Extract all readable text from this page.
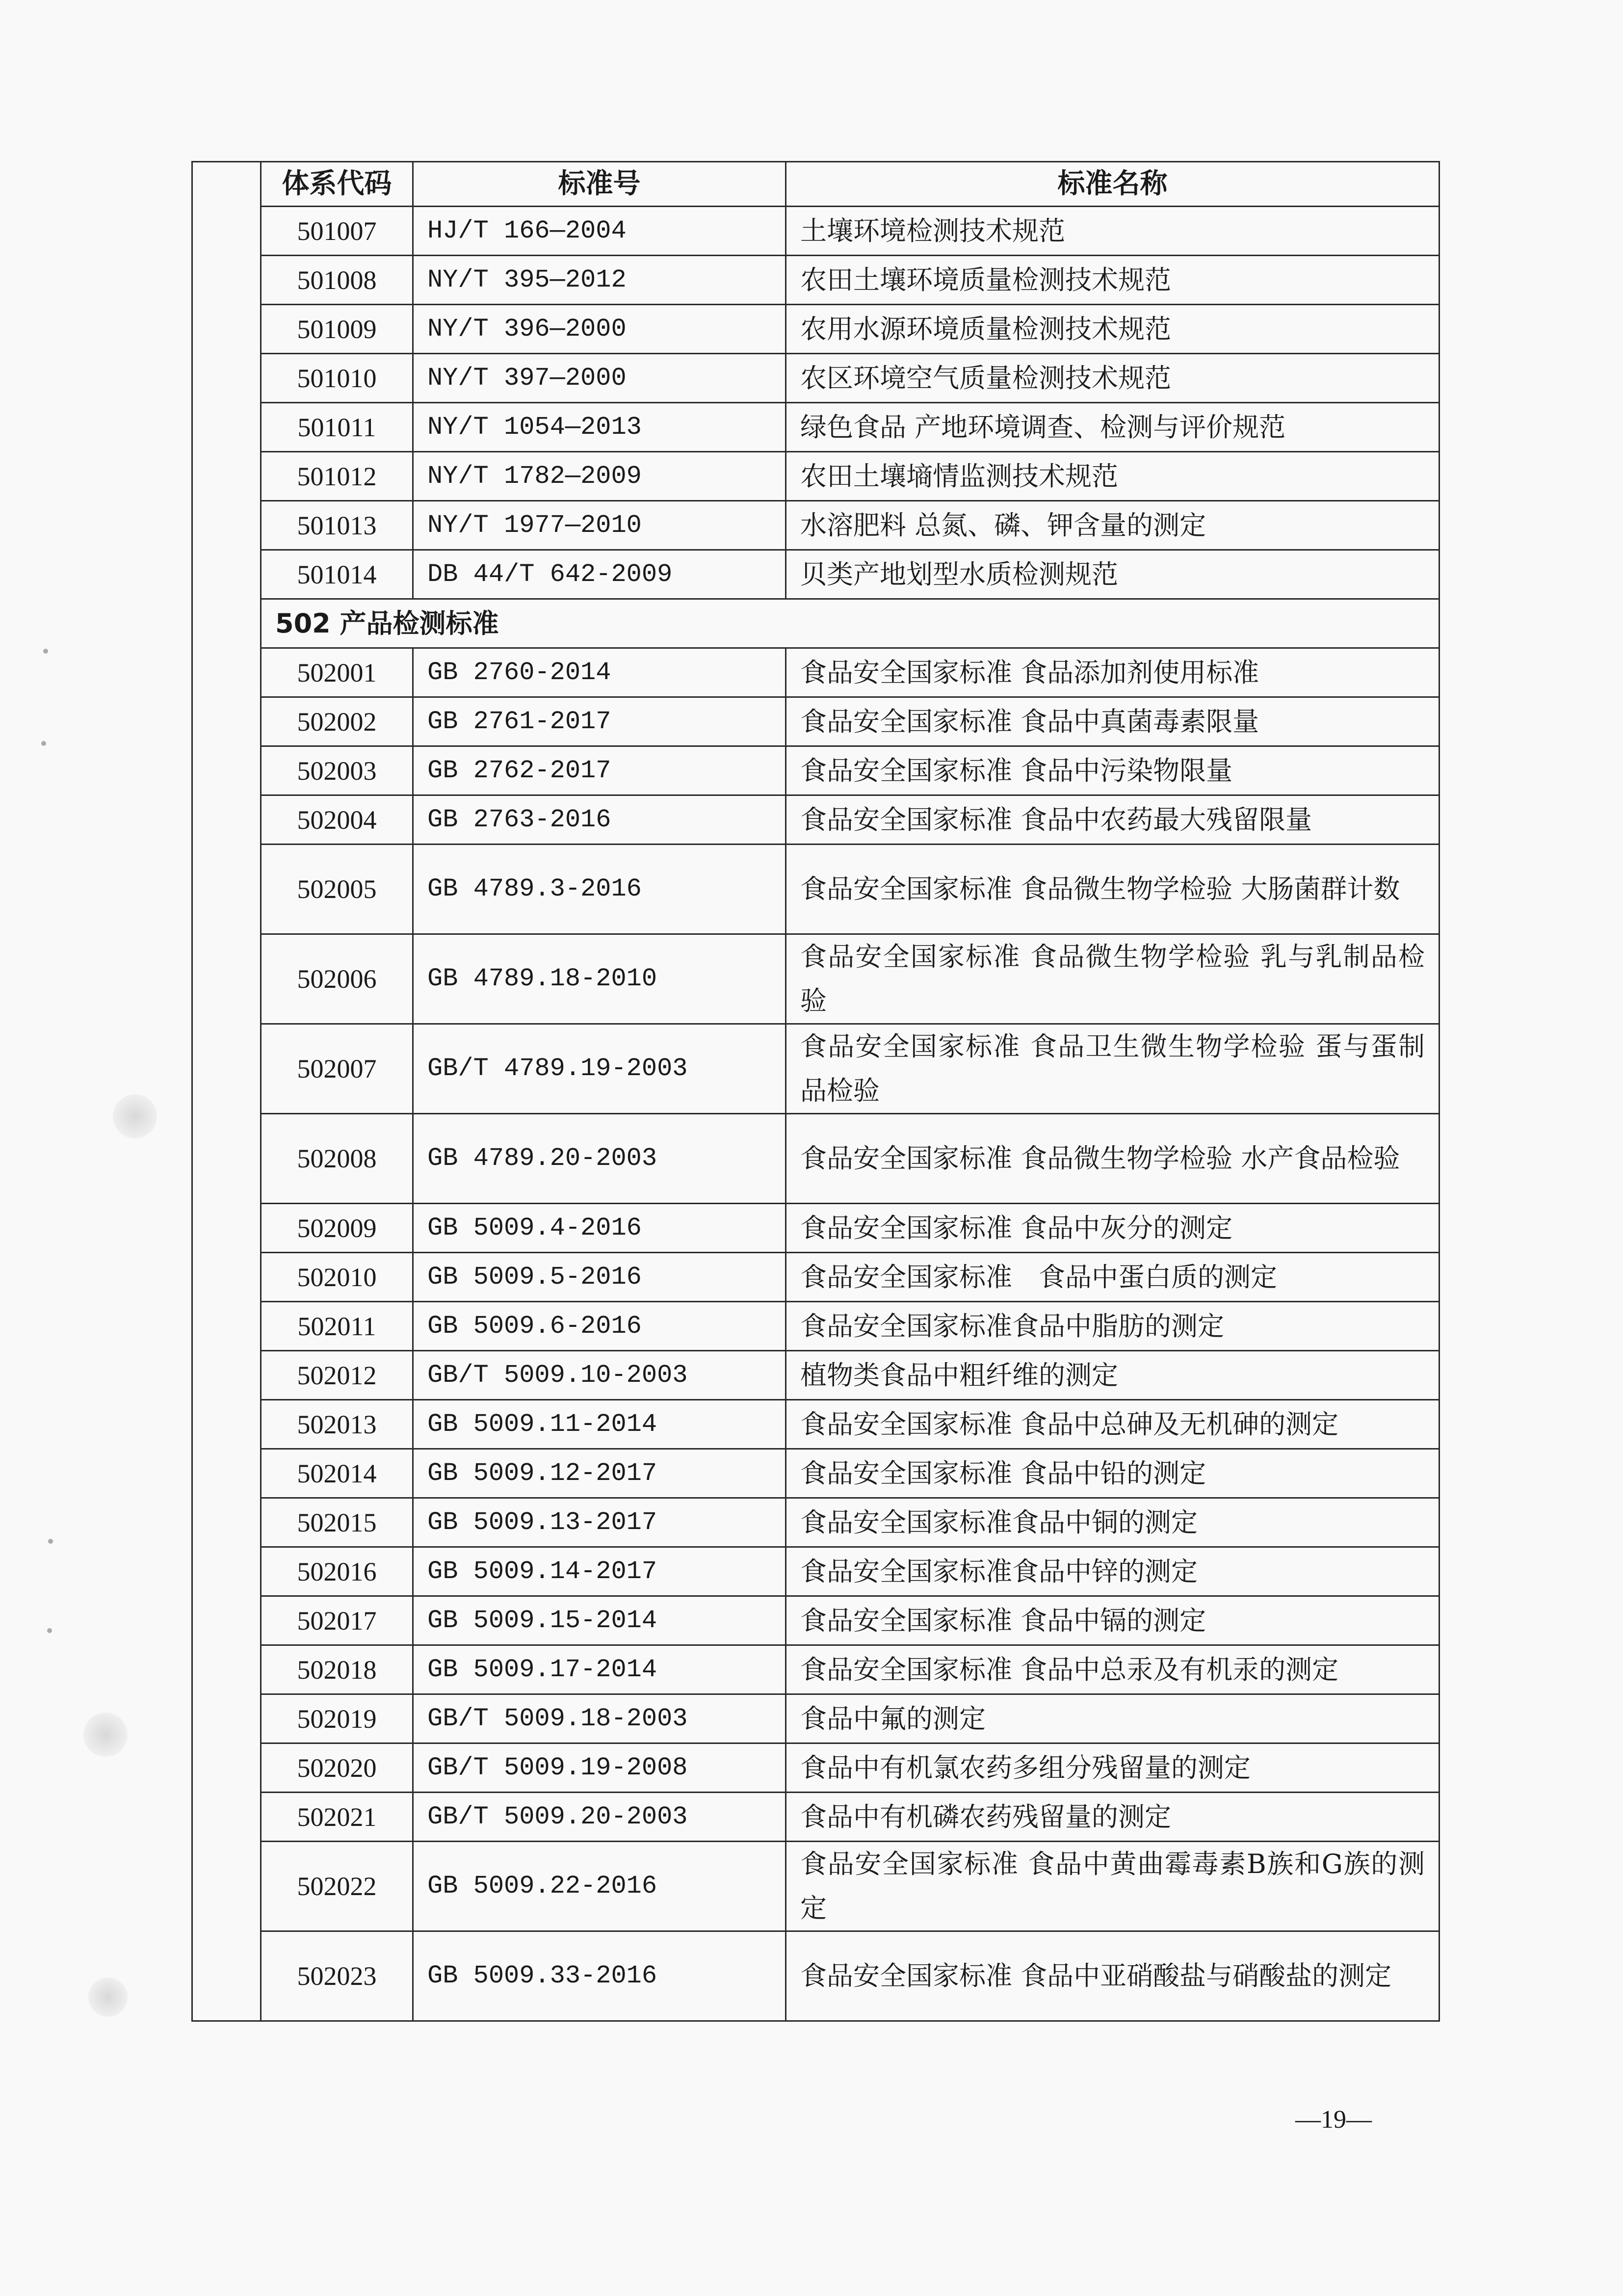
	体系代码	标准号	标准名称
	501007	HJ/T 166—2004	土壤环境检测技术规范
	501008	NY/T 395—2012	农田土壤环境质量检测技术规范
	501009	NY/T 396—2000	农用水源环境质量检测技术规范
	501010	NY/T 397—2000	农区环境空气质量检测技术规范
	501011	NY/T 1054—2013	绿色食品 产地环境调查、检测与评价规范
	501012	NY/T 1782—2009	农田土壤墒情监测技术规范
	501013	NY/T 1977—2010	水溶肥料 总氮、磷、钾含量的测定
	501014	DB 44/T 642-2009	贝类产地划型水质检测规范
	502 产品检测标准		
	502001	GB 2760-2014	食品安全国家标准 食品添加剂使用标准
	502002	GB 2761-2017	食品安全国家标准 食品中真菌毒素限量
	502003	GB 2762-2017	食品安全国家标准 食品中污染物限量
	502004	GB 2763-2016	食品安全国家标准 食品中农药最大残留限量
	502005	GB 4789.3-2016	食品安全国家标准 食品微生物学检验 大肠菌群计数
	502006	GB 4789.18-2010	食品安全国家标准 食品微生物学检验 乳与乳制品检验
	502007	GB/T 4789.19-2003	食品安全国家标准 食品卫生微生物学检验 蛋与蛋制品检验
	502008	GB 4789.20-2003	食品安全国家标准 食品微生物学检验 水产食品检验
	502009	GB 5009.4-2016	食品安全国家标准 食品中灰分的测定
	502010	GB 5009.5-2016	食品安全国家标准　食品中蛋白质的测定
	502011	GB 5009.6-2016	食品安全国家标准食品中脂肪的测定
	502012	GB/T 5009.10-2003	植物类食品中粗纤维的测定
	502013	GB 5009.11-2014	食品安全国家标准 食品中总砷及无机砷的测定
	502014	GB 5009.12-2017	食品安全国家标准 食品中铅的测定
	502015	GB 5009.13-2017	食品安全国家标准食品中铜的测定
	502016	GB 5009.14-2017	食品安全国家标准食品中锌的测定
	502017	GB 5009.15-2014	食品安全国家标准 食品中镉的测定
	502018	GB 5009.17-2014	食品安全国家标准 食品中总汞及有机汞的测定
	502019	GB/T 5009.18-2003	食品中氟的测定
	502020	GB/T 5009.19-2008	食品中有机氯农药多组分残留量的测定
	502021	GB/T 5009.20-2003	食品中有机磷农药残留量的测定
	502022	GB 5009.22-2016	食品安全国家标准 食品中黄曲霉毒素B族和G族的测定
	502023	GB 5009.33-2016	食品安全国家标准 食品中亚硝酸盐与硝酸盐的测定
—19—
